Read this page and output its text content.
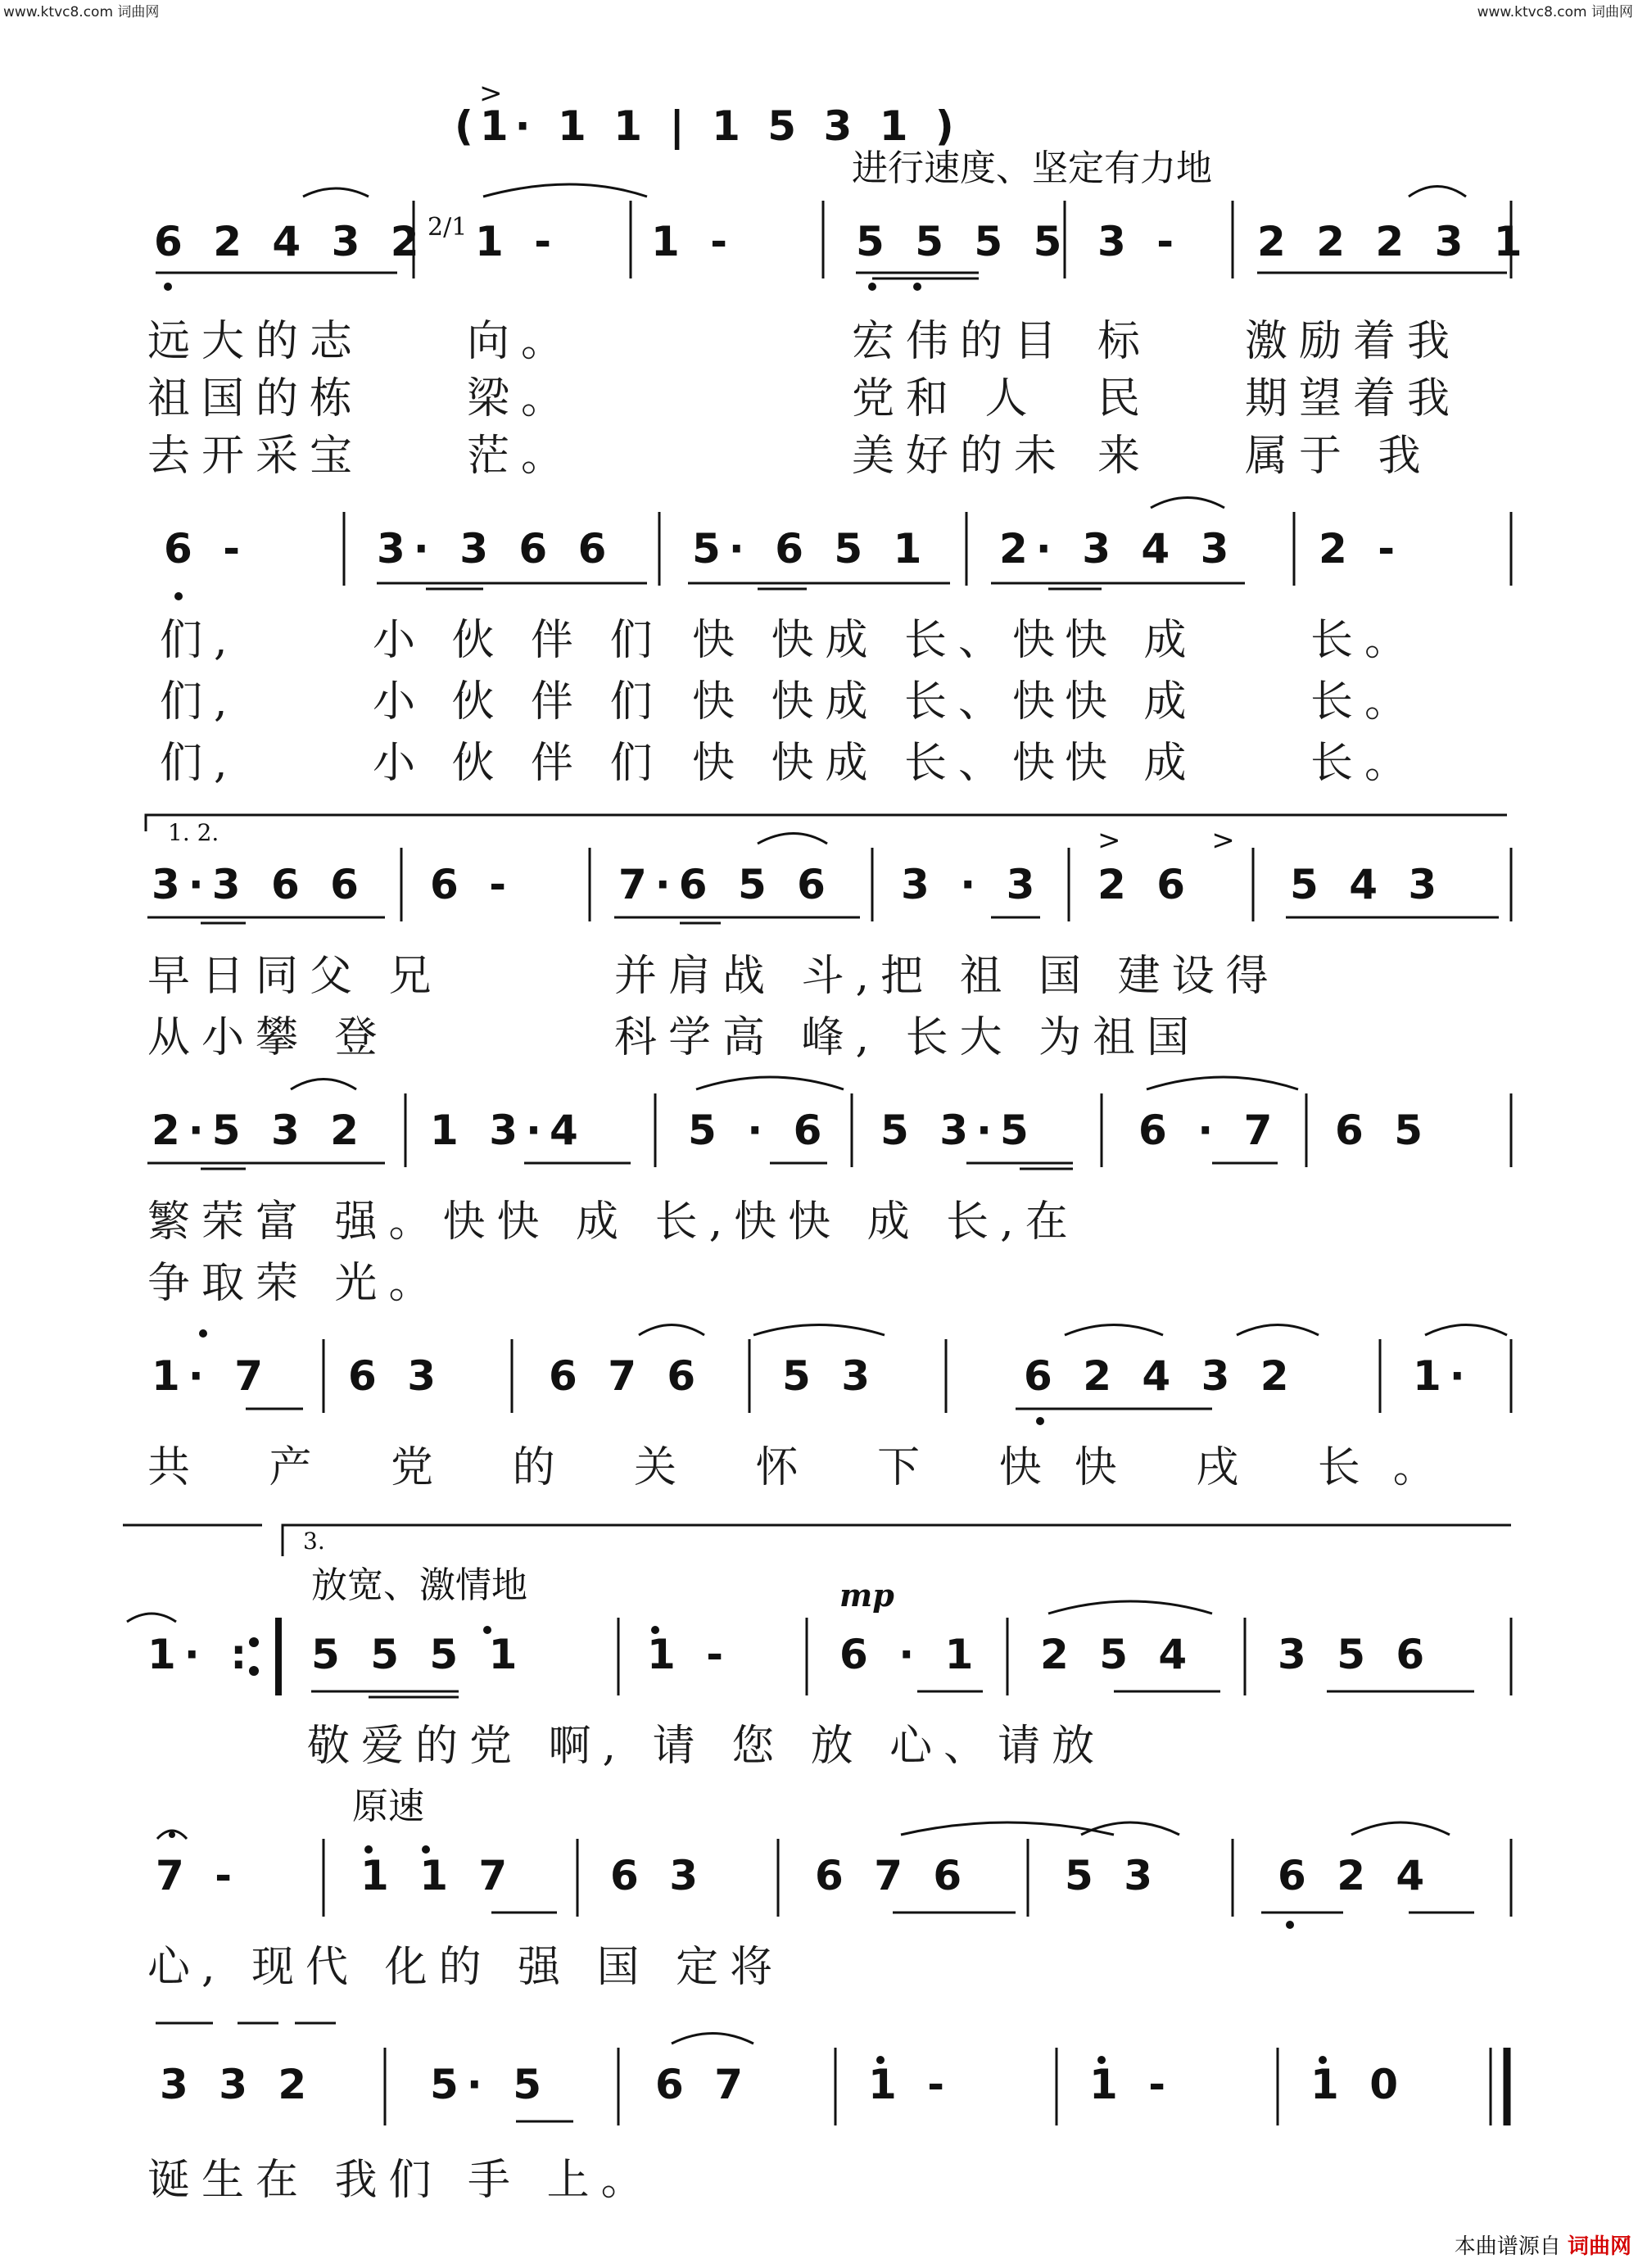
www.ktvc8.com 词曲网	www.ktvc8.com 词曲网
(1· 1 1 | 1 5 3 1 )
>
进行速度、坚定有力地
2/1
1. 2.	> >
3.
放宽、激情地	mp
原速
6 2 4 3 2 1 - 1 -	5 5 5 5 3 - 2 2 2 3 1
远大的志 向。	宏伟的目 标 激励着我
祖国的栋 梁。	党和 人 民 期望着我
去开采宝 茫。	美好的未 来 属于 我
6 -	3· 3 6 6 5· 6 5 1 2· 3 4 3 2 -
们,	小 伙 伴 们 快 快成 长、快
快 成	长。
们,	小 伙 伴 们 快 快成 长、快
快 成	长。
们,	小 伙 伴 们 快 快成 长、快
快 成	长。
3·3 6 6 6 -	7·6 5 6 3 · 3 2 6 5 4 3
早日同父 兄	并肩战 斗,把 祖 国 建设得
从小攀 登	科学高 峰, 长大 为祖国
2·5 3 2 1 3·4 5 · 6 5 3·5 6 · 7 6 5
繁荣富 强。快快 成 长,快快 成 长,在
争取荣 光。
1· 7 6 3	6 7 6 5 3	6 2 4 3 2	1·
共 产 党 的 关 怀 下 快快 戌 长。
1· : 5 5 5 1	1 -	6 · 1 2 5 4 3 5 6
敬爱的党 啊, 请 您 放 心、请放
7 -	1 1 7 6 3	6 7 6 5 3	6 2 4
心, 现代 化的 强 国 定将
3 3 2	5· 5	6 7	1 -	1 -	1 0
诞生在 我们 手 上。
本曲谱源自 词曲网
